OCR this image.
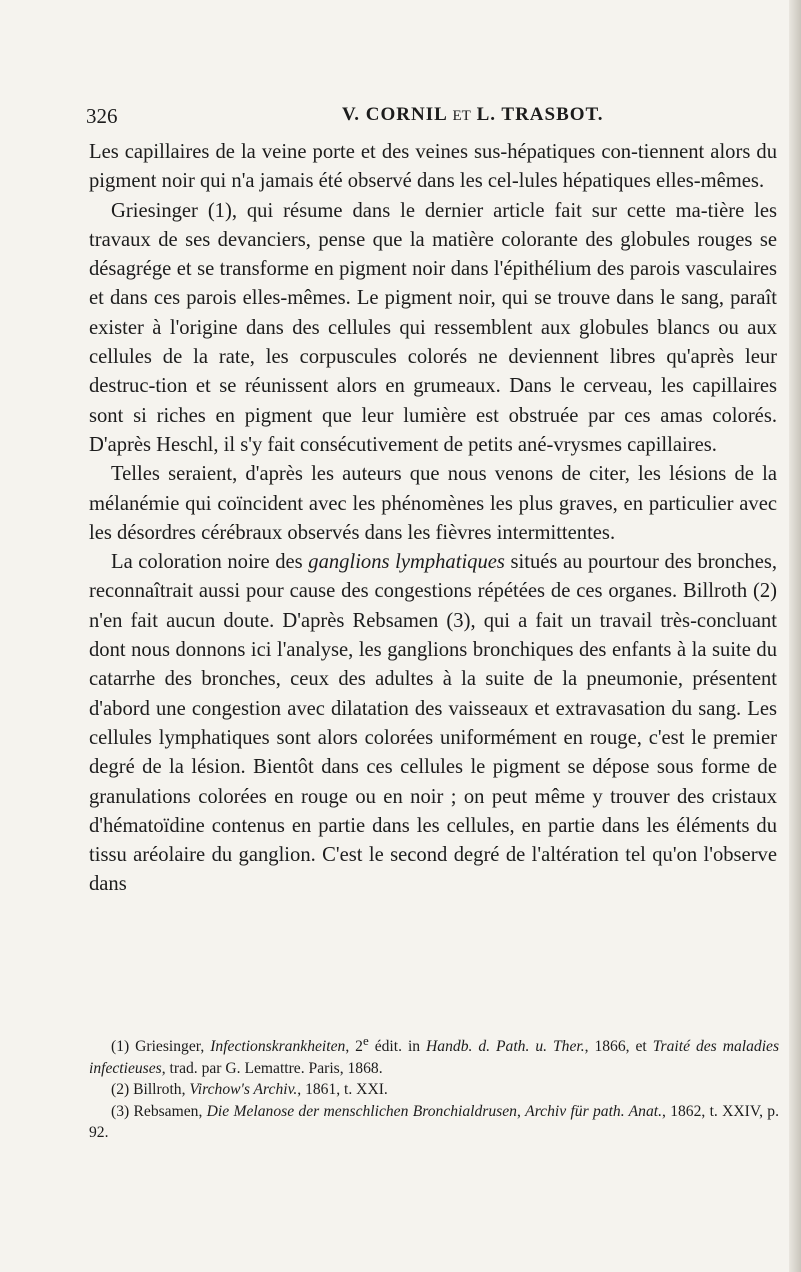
326	V. CORNIL ET L. TRASBOT.

Les capillaires de la veine porte et des veines sus-hépatiques con-tiennent alors du pigment noir qui n'a jamais été observé dans les cel-lules hépatiques elles-mêmes.

Griesinger (1), qui résume dans le dernier article fait sur cette ma-tière les travaux de ses devanciers, pense que la matière colorante des globules rouges se désagrége et se transforme en pigment noir dans l'épithélium des parois vasculaires et dans ces parois elles-mêmes. Le pigment noir, qui se trouve dans le sang, paraît exister à l'origine dans des cellules qui ressemblent aux globules blancs ou aux cellules de la rate, les corpuscules colorés ne deviennent libres qu'après leur destruc-tion et se réunissent alors en grumeaux. Dans le cerveau, les capillaires sont si riches en pigment que leur lumière est obstruée par ces amas colorés. D'après Heschl, il s'y fait consécutivement de petits ané-vrysmes capillaires.

Telles seraient, d'après les auteurs que nous venons de citer, les lésions de la mélanémie qui coïncident avec les phénomènes les plus graves, en particulier avec les désordres cérébraux observés dans les fièvres intermittentes.

La coloration noire des ganglions lymphatiques situés au pourtour des bronches, reconnaîtrait aussi pour cause des congestions répétées de ces organes. Billroth (2) n'en fait aucun doute. D'après Rebsamen (3), qui a fait un travail très-concluant dont nous donnons ici l'analyse, les ganglions bronchiques des enfants à la suite du catarrhe des bronches, ceux des adultes à la suite de la pneumonie, présentent d'abord une congestion avec dilatation des vaisseaux et extravasation du sang. Les cellules lymphatiques sont alors colorées uniformément en rouge, c'est le premier degré de la lésion. Bientôt dans ces cellules le pigment se dépose sous forme de granulations colorées en rouge ou en noir ; on peut même y trouver des cristaux d'hématoïdine contenus en partie dans les cellules, en partie dans les éléments du tissu aréolaire du ganglion. C'est le second degré de l'altération tel qu'on l'observe dans

(1) Griesinger, Infectionskrankheiten, 2e édit. in Handb. d. Path. u. Ther., 1866, et Traité des maladies infectieuses, trad. par G. Lemattre. Paris, 1868.

(2) Billroth, Virchow's Archiv., 1861, t. XXI.

(3) Rebsamen, Die Melanose der menschlichen Bronchialdrusen, Archiv für path. Anat., 1862, t. XXIV, p. 92.
